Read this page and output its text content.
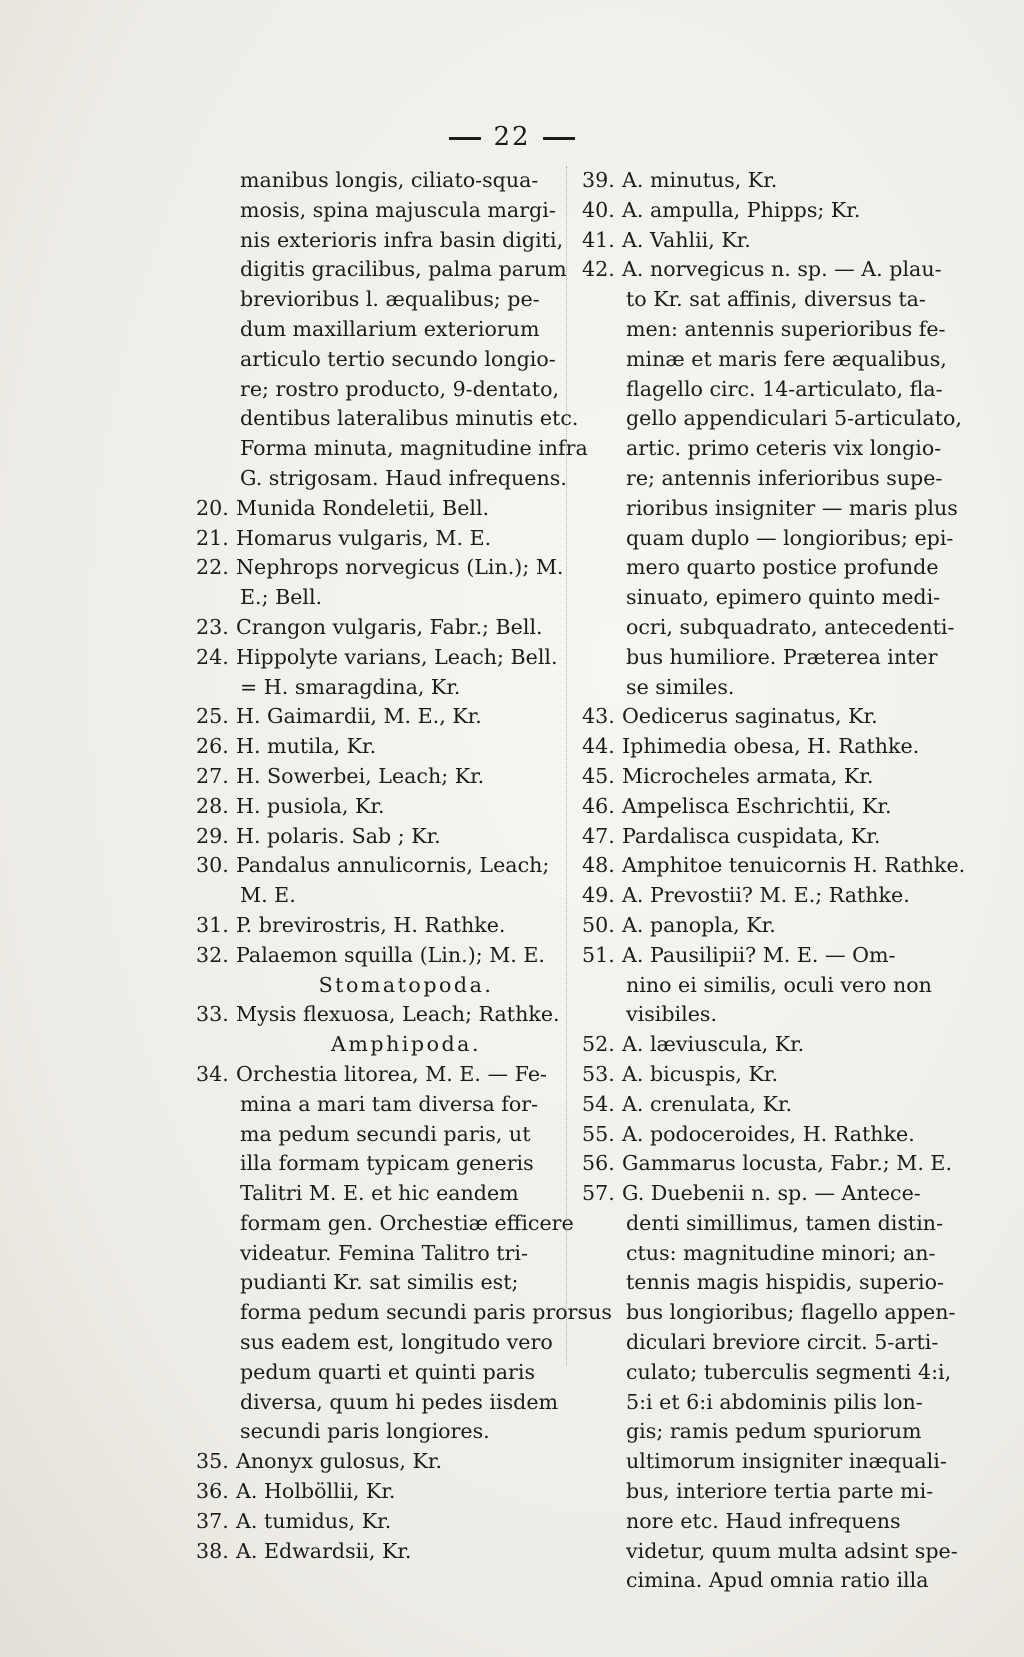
22
manibus longis, ciliato-squa-
mosis, spina majuscula margi-
nis exterioris infra basin digiti,
digitis gracilibus, palma parum
brevioribus l. æqualibus; pe-
dum maxillarium exteriorum
articulo tertio secundo longio-
re; rostro producto, 9-dentato,
dentibus lateralibus minutis etc.
Forma minuta, magnitudine infra
G. strigosam. Haud infrequens.
20. Munida Rondeletii, Bell.
21. Homarus vulgaris, M. E.
22. Nephrops norvegicus (Lin.); M.
E.; Bell.
23. Crangon vulgaris, Fabr.; Bell.
24. Hippolyte varians, Leach; Bell.
= H. smaragdina, Kr.
25. H. Gaimardii, M. E., Kr.
26. H. mutila, Kr.
27. H. Sowerbei, Leach; Kr.
28. H. pusiola, Kr.
29. H. polaris. Sab ; Kr.
30. Pandalus annulicornis, Leach;
M. E.
31. P. brevirostris, H. Rathke.
32. Palaemon squilla (Lin.); M. E.
Stomatopoda.
33. Mysis flexuosa, Leach; Rathke.
Amphipoda.
34. Orchestia litorea, M. E. — Fe-
mina a mari tam diversa for-
ma pedum secundi paris, ut
illa formam typicam generis
Talitri M. E. et hic eandem
formam gen. Orchestiæ efficere
videatur. Femina Talitro tri-
pudianti Kr. sat similis est;
forma pedum secundi paris prorsus
sus eadem est, longitudo vero
pedum quarti et quinti paris
diversa, quum hi pedes iisdem
secundi paris longiores.
35. Anonyx gulosus, Kr.
36. A. Holböllii, Kr.
37. A. tumidus, Kr.
38. A. Edwardsii, Kr.
39. A. minutus, Kr.
40. A. ampulla, Phipps; Kr.
41. A. Vahlii, Kr.
42. A. norvegicus n. sp. — A. plau-
to Kr. sat affinis, diversus ta-
men: antennis superioribus fe-
minæ et maris fere æqualibus,
flagello circ. 14-articulato, fla-
gello appendiculari 5-articulato,
artic. primo ceteris vix longio-
re; antennis inferioribus supe-
rioribus insigniter — maris plus
quam duplo — longioribus; epi-
mero quarto postice profunde
sinuato, epimero quinto medi-
ocri, subquadrato, antecedenti-
bus humiliore. Præterea inter
se similes.
43. Oedicerus saginatus, Kr.
44. Iphimedia obesa, H. Rathke.
45. Microcheles armata, Kr.
46. Ampelisca Eschrichtii, Kr.
47. Pardalisca cuspidata, Kr.
48. Amphitoe tenuicornis H. Rathke.
49. A. Prevostii? M. E.; Rathke.
50. A. panopla, Kr.
51. A. Pausilipii? M. E. — Om-
nino ei similis, oculi vero non
visibiles.
52. A. læviuscula, Kr.
53. A. bicuspis, Kr.
54. A. crenulata, Kr.
55. A. podoceroides, H. Rathke.
56. Gammarus locusta, Fabr.; M. E.
57. G. Duebenii n. sp. — Antece-
denti simillimus, tamen distin-
ctus: magnitudine minori; an-
tennis magis hispidis, superio-
bus longioribus; flagello appen-
diculari breviore circit. 5-arti-
culato; tuberculis segmenti 4:i,
5:i et 6:i abdominis pilis lon-
gis; ramis pedum spuriorum
ultimorum insigniter inæquali-
bus, interiore tertia parte mi-
nore etc. Haud infrequens
videtur, quum multa adsint spe-
cimina. Apud omnia ratio illa
